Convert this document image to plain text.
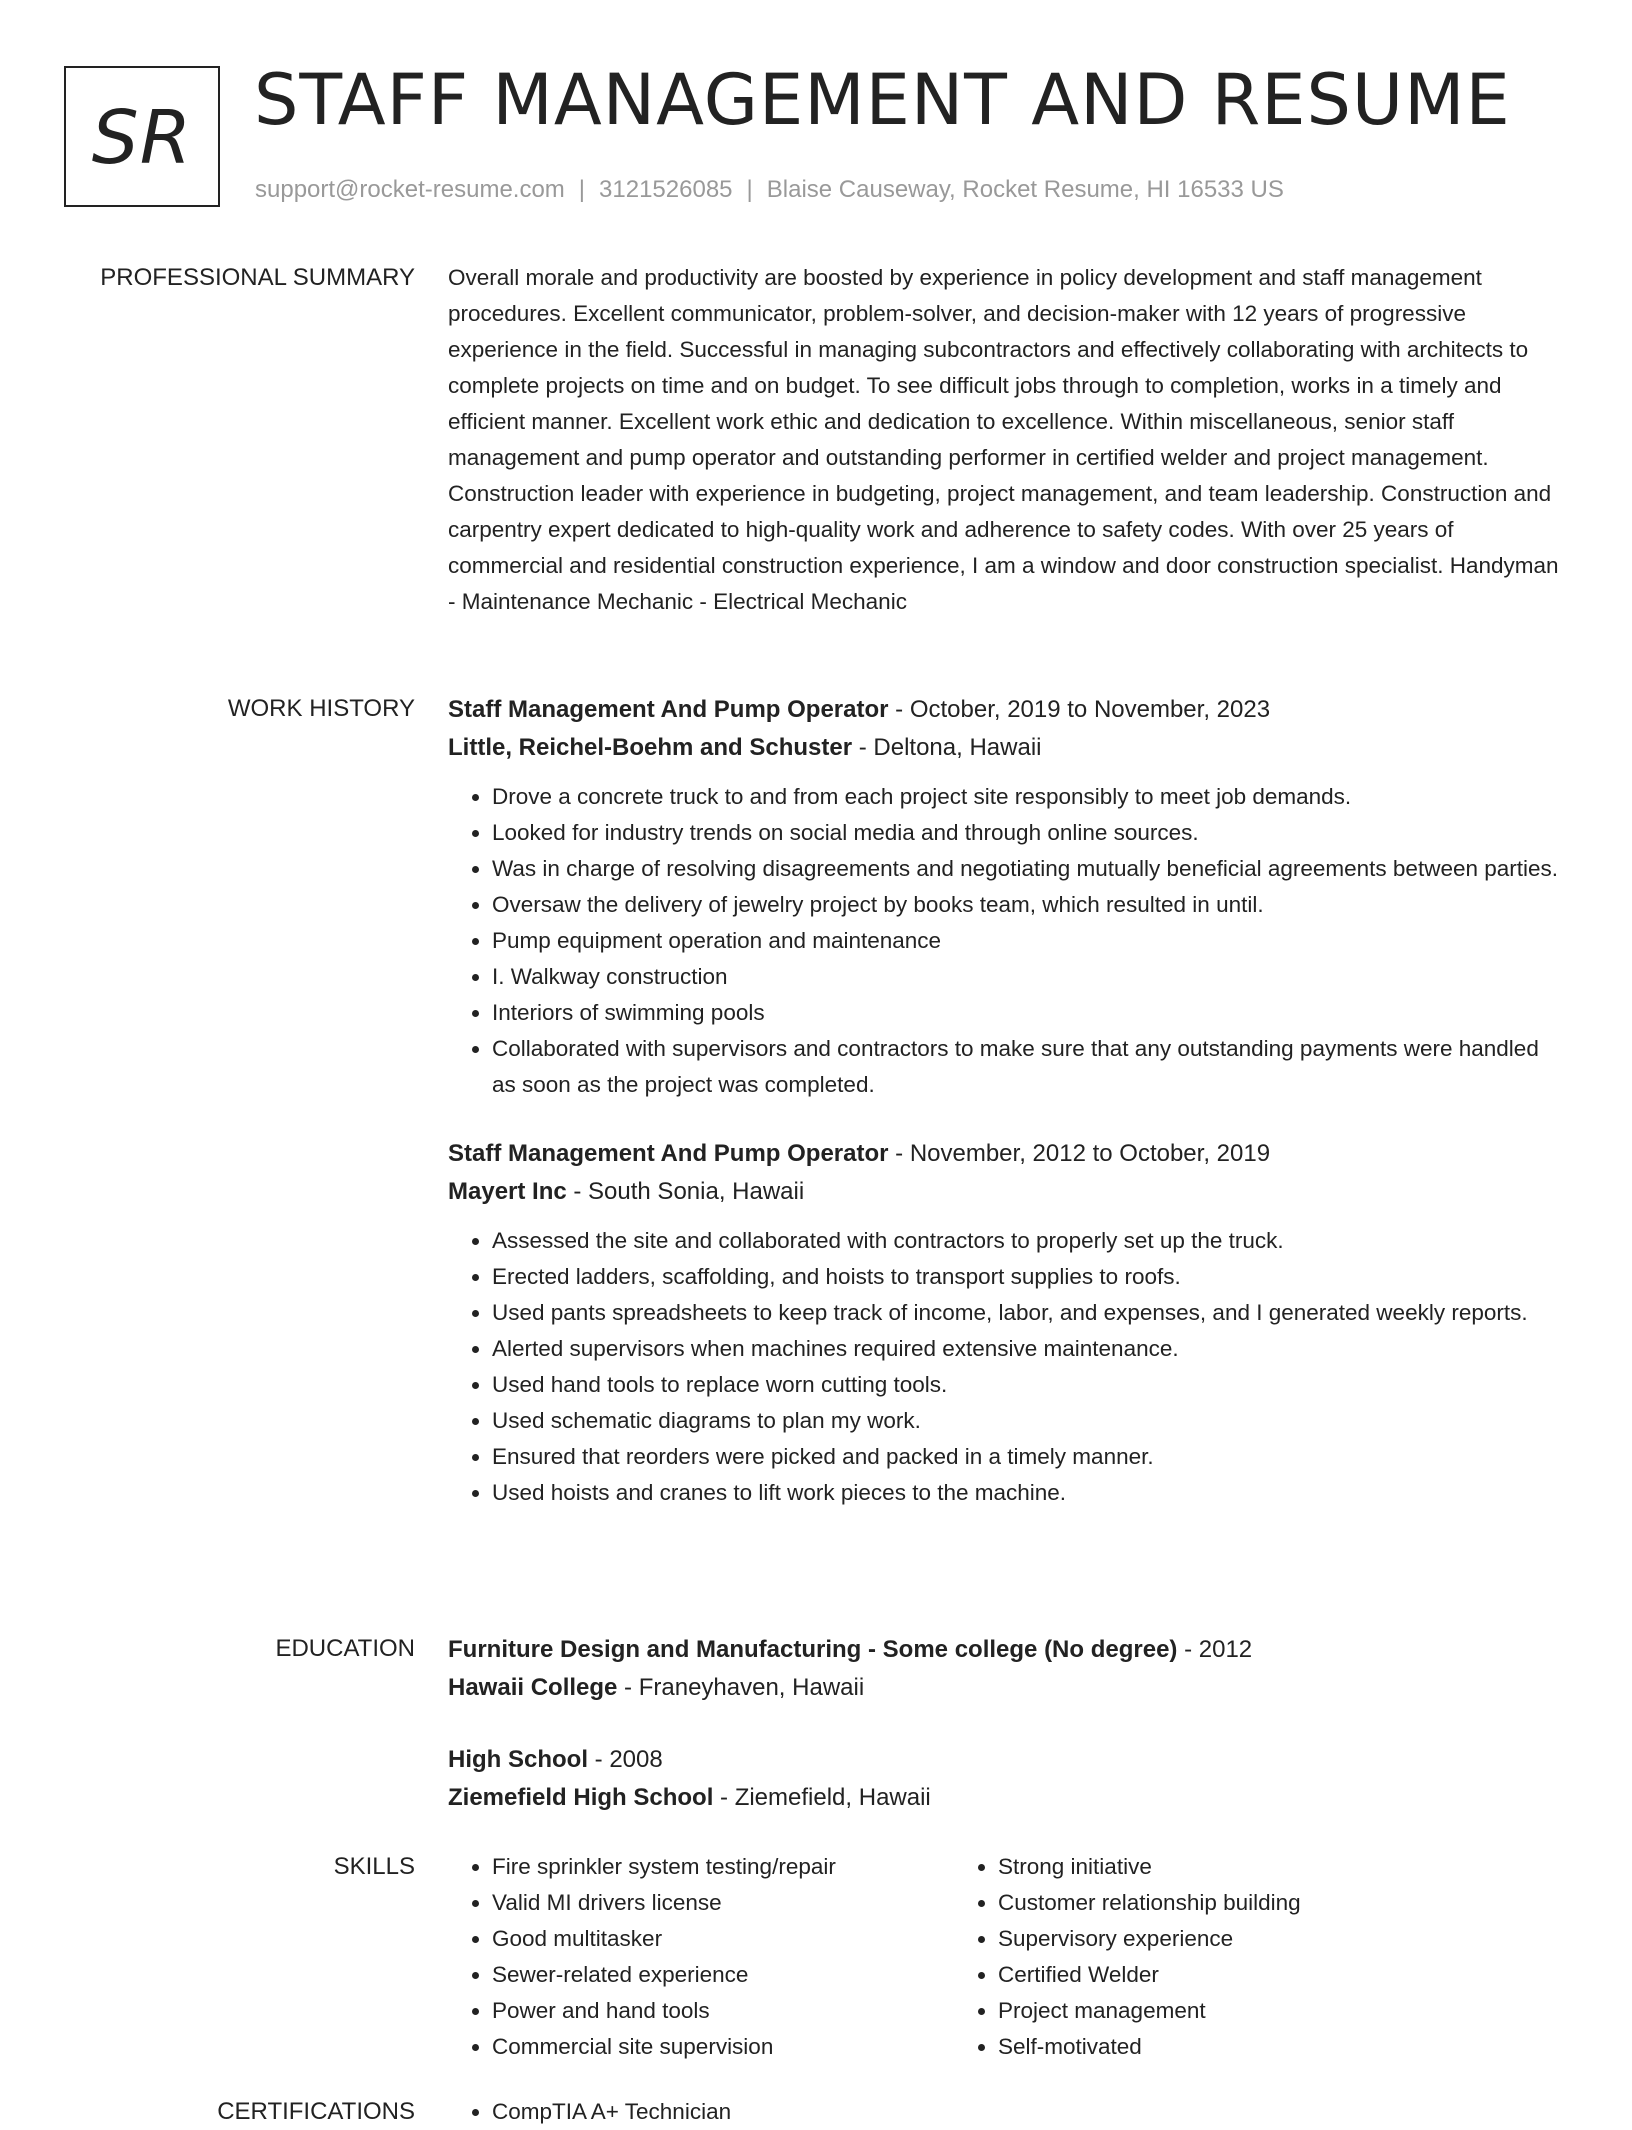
SR STAFF MANAGEMENT AND RESUME
support@rocket-resume.com | 3121526085 | Blaise Causeway, Rocket Resume, HI 16533 US
PROFESSIONAL SUMMARY Overall morale and productivity are boosted by experience in policy development and staff management procedures. Excellent communicator, problem-solver, and decision-maker with 12 years of progressive experience in the field. Successful in managing subcontractors and effectively collaborating with architects to complete projects on time and on budget. To see difficult jobs through to completion, works in a timely and efficient manner. Excellent work ethic and dedication to excellence. Within miscellaneous, senior staff management and pump operator and outstanding performer in certified welder and project management. Construction leader with experience in budgeting, project management, and team leadership. Construction and carpentry expert dedicated to high-quality work and adherence to safety codes. With over 25 years of commercial and residential construction experience, I am a window and door construction specialist. Handyman - Maintenance Mechanic - Electrical Mechanic

WORK HISTORY Staff Management And Pump Operator - October, 2019 to November, 2023
Little, Reichel-Boehm and Schuster - Deltona, Hawaii
• Drove a concrete truck to and from each project site responsibly to meet job demands.
• Looked for industry trends on social media and through online sources.
• Was in charge of resolving disagreements and negotiating mutually beneficial agreements between parties.
• Oversaw the delivery of jewelry project by books team, which resulted in until.
• Pump equipment operation and maintenance
• I. Walkway construction
• Interiors of swimming pools
• Collaborated with supervisors and contractors to make sure that any outstanding payments were handled as soon as the project was completed.
Staff Management And Pump Operator - November, 2012 to October, 2019
Mayert Inc - South Sonia, Hawaii
• Assessed the site and collaborated with contractors to properly set up the truck.
• Erected ladders, scaffolding, and hoists to transport supplies to roofs.
• Used pants spreadsheets to keep track of income, labor, and expenses, and I generated weekly reports.
• Alerted supervisors when machines required extensive maintenance.
• Used hand tools to replace worn cutting tools.
• Used schematic diagrams to plan my work.
• Ensured that reorders were picked and packed in a timely manner.
• Used hoists and cranes to lift work pieces to the machine.
EDUCATION Furniture Design and Manufacturing - Some college (No degree) - 2012
Hawaii College - Franeyhaven, Hawaii
High School - 2008
Ziemefield High School - Ziemefield, Hawaii
SKILLS	• Fire sprinkler system testing/repair
• Valid MI drivers license
• Good multitasker
• Sewer-related experience
• Power and hand tools
• Commercial site supervision
• Strong initiative
• Customer relationship building
• Supervisory experience
• Certified Welder
• Project management
• Self-motivated
CERTIFICATIONS	• CompTIA A+ Technician
